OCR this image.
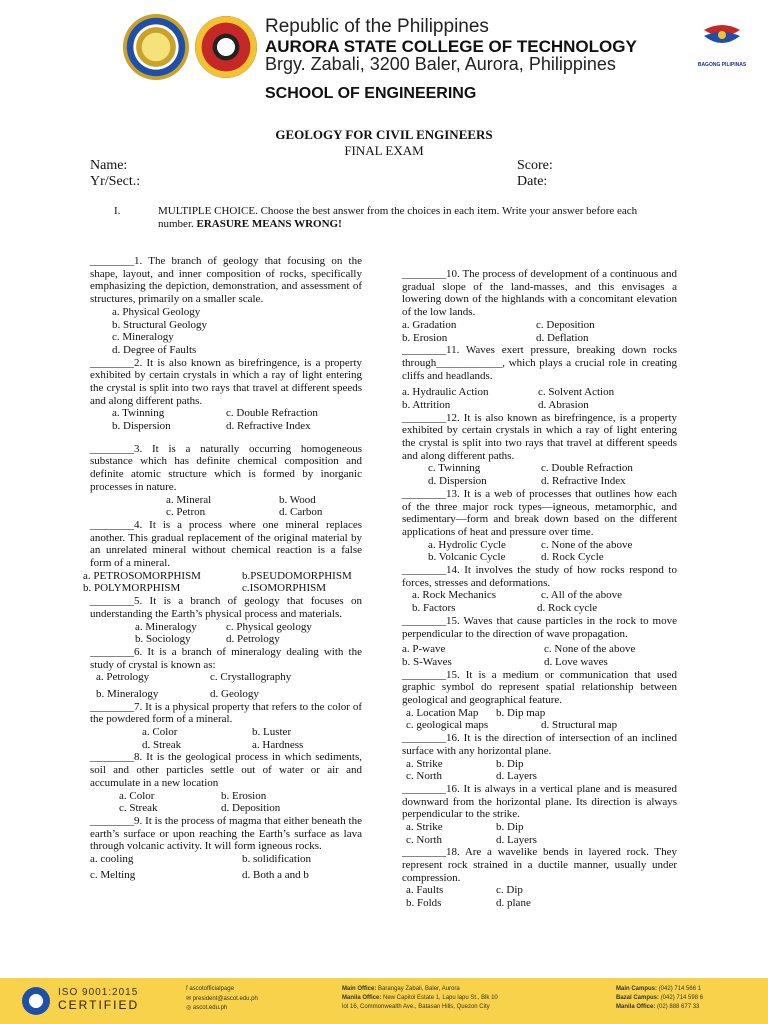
BAGONG PILIPINAS
Republic of the Philippines
AURORA STATE COLLEGE OF TECHNOLOGY
Brgy. Zabali, 3200 Baler, Aurora, Philippines
SCHOOL OF ENGINEERING
GEOLOGY FOR CIVIL ENGINEERS
FINAL EXAM
Name:	Score:
Yr/Sect.:	Date:
I.	MULTIPLE CHOICE. Choose the best answer from the choices in each item. Write your answer before each number. ERASURE MEANS WRONG!
________1. The branch of geology that focusing on the shape, layout, and inner composition of rocks, specifically emphasizing the depiction, demonstration, and assessment of structures, primarily on a smaller scale.
a. Physical Geology
b. Structural Geology
c. Mineralogy
d. Degree of Faults
________2. It is also known as birefringence, is a property exhibited by certain crystals in which a ray of light entering the crystal is split into two rays that travel at different speeds and along different paths.
a. Twinning	c. Double Refraction
b. Dispersion	d. Refractive Index
________3. It is a naturally occurring homogeneous substance which has definite chemical composition and definite atomic structure which is formed by inorganic processes in nature.
a. Mineral	b. Wood
c. Petron	d. Carbon
________4. It is a process where one mineral replaces another. This gradual replacement of the original material by an unrelated mineral without chemical reaction is a false form of a mineral.
a. PETROSOMORPHISM	b.PSEUDOMORPHISM
b. POLYMORPHISM	c.ISOMORPHISM
________5. It is a branch of geology that focuses on understanding the Earth’s physical process and materials.
a. Mineralogy	c. Physical geology
b. Sociology	d. Petrology
________6. It is a branch of mineralogy dealing with the study of crystal is known as:
a. Petrology	c. Crystallography
b. Mineralogy	d. Geology
________7. It is a physical property that refers to the color of the powdered form of a mineral.
a. Color	b. Luster
d. Streak	a. Hardness
________8. It is the geological process in which sediments, soil and other particles settle out of water or air and accumulate in a new location
a. Color	b. Erosion
c. Streak	d. Deposition
________9. It is the process of magma that either beneath the earth’s surface or upon reaching the Earth’s surface as lava through volcanic activity. It will form igneous rocks.
a. cooling	b. solidification
c. Melting	d. Both a and b
________10. The process of development of a continuous and gradual slope of the land-masses, and this envisages a lowering down of the highlands with a concomitant elevation of the low lands.
a. Gradation	c. Deposition
b. Erosion	d. Deflation
________11. Waves exert pressure, breaking down rocks through____________, which plays a crucial role in creating cliffs and headlands.
a. Hydraulic Action	c. Solvent Action
b. Attrition	d. Abrasion
________12. It is also known as birefringence, is a property exhibited by certain crystals in which a ray of light entering the crystal is split into two rays that travel at different speeds and along different paths.
c. Twinning	c. Double Refraction
d. Dispersion	d. Refractive Index
________13. It is a web of processes that outlines how each of the three major rock types—igneous, metamorphic, and sedimentary—form and break down based on the different applications of heat and pressure over time.
a. Hydrolic Cycle	c. None of the above
b. Volcanic Cycle	d. Rock Cycle
________14. It involves the study of how rocks respond to forces, stresses and deformations.
a. Rock Mechanics	c. All of the above
b. Factors	d. Rock cycle
________15. Waves that cause particles in the rock to move perpendicular to the direction of wave propagation.
a. P-wave	c. None of the above
b. S-Waves	d. Love waves
________15. It is a medium or communication that used graphic symbol do represent spatial relationship between geological and geographical feature.
a. Location Map b. Dip map
c. geological maps	d. Structural map
________16. It is the direction of intersection of an inclined surface with any horizontal plane.
a. Strike	b. Dip
c. North	d. Layers
________16. It is always in a vertical plane and is measured downward from the horizontal plane. Its direction is always perpendicular to the strike.
a. Strike	b. Dip
c. North	d. Layers
________18. Are a wavelike bends in layered rock. They represent rock strained in a ductile manner, usually under compression.
a. Faults	c. Dip
b. Folds	d. plane
ISO 9001:2015
CERTIFIED
f ascotofficialpage
✉ president@ascot.edu.ph
◎ ascot.edu.ph
Main Office: Barangay Zabali, Baler, Aurora
Manila Office: New Capitol Estate 1, Lapu lapu St., Blk 10
lot 16, Commonwealth Ave., Batasan Hills, Quezon City
Main Campus: (042) 714 566 1
Bazal Campus: (042) 714 598 6
Manila Office: (02) 888 677 33
